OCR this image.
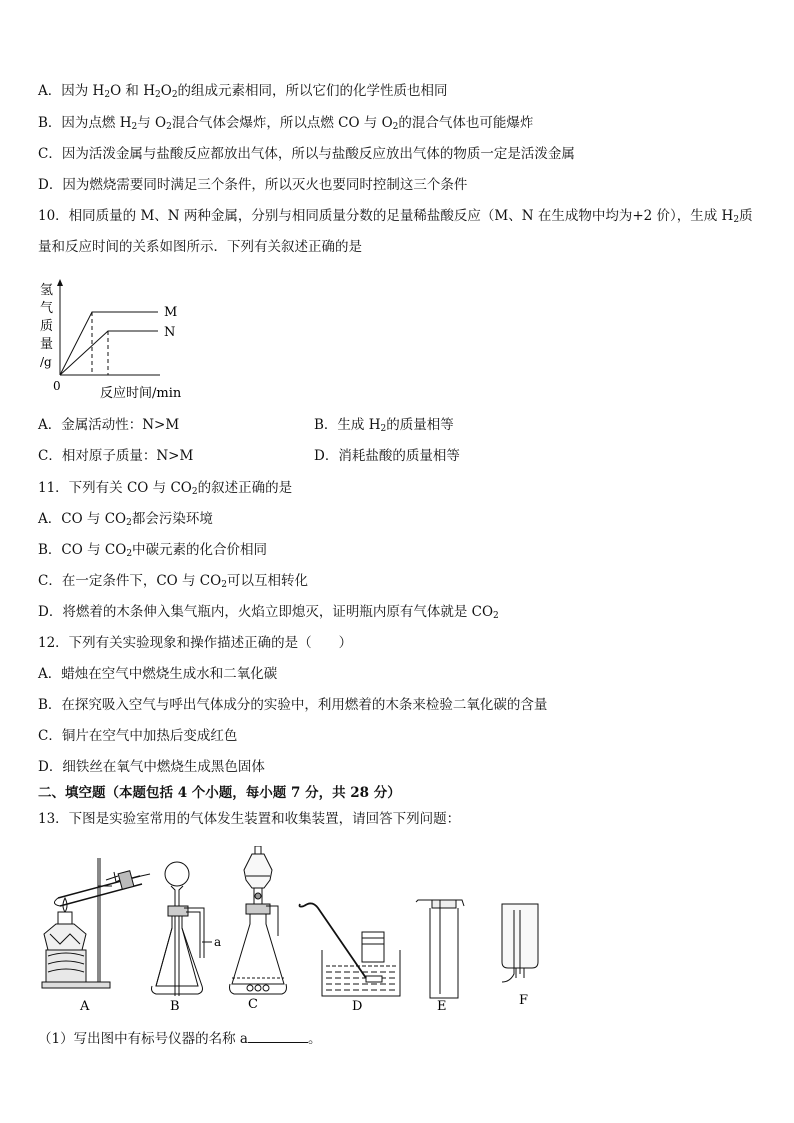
A．因为 $H_2O$ 和 $H_2O_2$的组成元素相同，所以它们的化学性质也相同
B．因为点燃 $H_2$与 $O_2$混合气体会爆炸，所以点燃 CO 与 $O_2$的混合气体也可能爆炸
C．因为活泼金属与盐酸反应都放出气体，所以与盐酸反应放出气体的物质一定是活泼金属
D．因为燃烧需要同时满足三个条件，所以灭火也要同时控制这三个条件
10．相同质量的 M、N 两种金属，分别与相同质量分数的足量稀盐酸反应（M、N 在生成物中均为+2 价），生成 $H_2$质
量和反应时间的关系如图所示．下列有关叙述正确的是
氢
气
质
量
/g
M
N
0	反应时间/min
A．金属活动性：N>M	B．生成 $H_2$的质量相等
C．相对原子质量：N>M	D．消耗盐酸的质量相等
11．下列有关 CO 与 $CO_2$的叙述正确的是
A．CO 与 $CO_2$都会污染环境
B．CO 与 $CO_2$中碳元素的化合价相同
C．在一定条件下，CO 与 $CO_2$可以互相转化
D．将燃着的木条伸入集气瓶内，火焰立即熄灭，证明瓶内原有气体就是 $CO_2$
12．下列有关实验现象和操作描述正确的是（　　）
A．蜡烛在空气中燃烧生成水和二氧化碳
B．在探究吸入空气与呼出气体成分的实验中，利用燃着的木条来检验二氧化碳的含量
C．铜片在空气中加热后变成红色
D．细铁丝在氧气中燃烧生成黑色固体
二、填空题（本题包括 4 个小题，每小题 7 分，共 28 分）
13．下图是实验室常用的气体发生装置和收集装置，请回答下列问题：
A	B
a
C	D	E	F
（1）写出图中有标号仪器的名称 a	。
